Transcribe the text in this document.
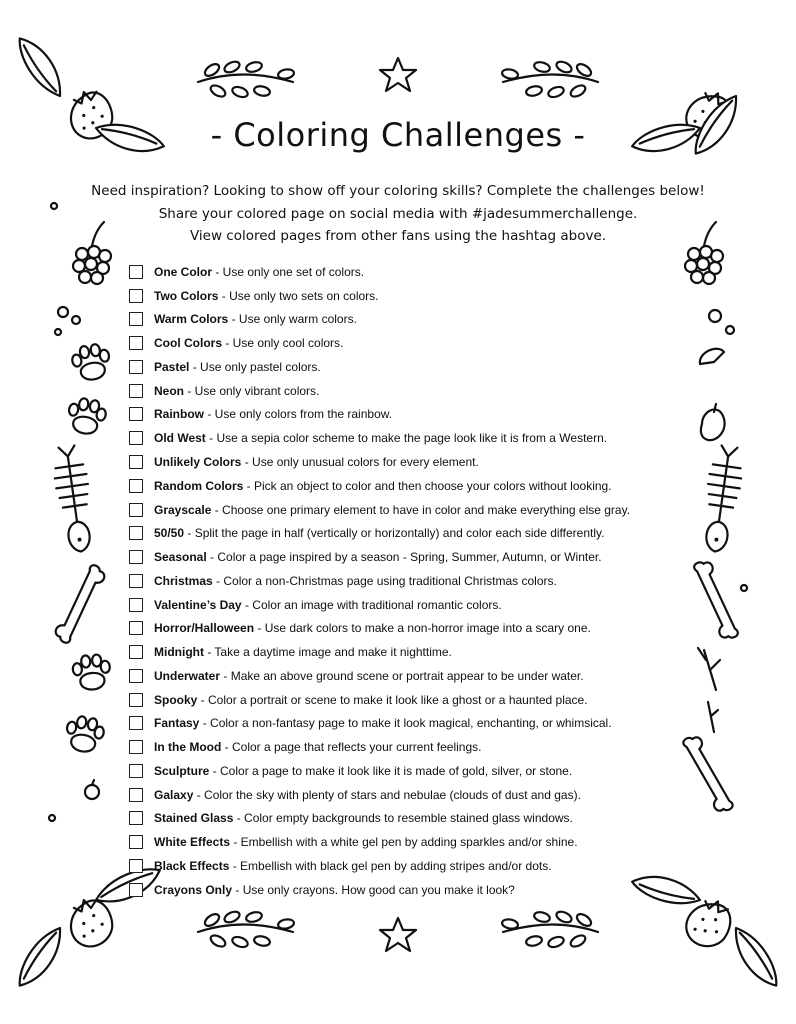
- Coloring Challenges -
Need inspiration? Looking to show off your coloring skills? Complete the challenges below!
Share your colored page on social media with #jadesummerchallenge.
View colored pages from other fans using the hashtag above.
One Color - Use only one set of colors.
Two Colors - Use only two sets on colors.
Warm Colors - Use only warm colors.
Cool Colors - Use only cool colors.
Pastel - Use only pastel colors.
Neon - Use only vibrant colors.
Rainbow - Use only colors from the rainbow.
Old West - Use a sepia color scheme to make the page look like it is from a Western.
Unlikely Colors - Use only unusual colors for every element.
Random Colors - Pick an object to color and then choose your colors without looking.
Grayscale - Choose one primary element to have in color and make everything else gray.
50/50 - Split the page in half (vertically or horizontally) and color each side differently.
Seasonal - Color a page inspired by a season - Spring, Summer, Autumn, or Winter.
Christmas - Color a non-Christmas page using traditional Christmas colors.
Valentine’s Day - Color an image with traditional romantic colors.
Horror/Halloween - Use dark colors to make a non-horror image into a scary one.
Midnight - Take a daytime image and make it nighttime.
Underwater - Make an above ground scene or portrait appear to be under water.
Spooky - Color a portrait or scene to make it look like a ghost or a haunted place.
Fantasy - Color a non-fantasy page to make it look magical, enchanting, or whimsical.
In the Mood - Color a page that reflects your current feelings.
Sculpture - Color a page to make it look like it is made of gold, silver, or stone.
Galaxy - Color the sky with plenty of stars and nebulae (clouds of dust and gas).
Stained Glass - Color empty backgrounds to resemble stained glass windows.
White Effects - Embellish with a white gel pen by adding sparkles and/or shine.
Black Effects - Embellish with black gel pen by adding stripes and/or dots.
Crayons Only - Use only crayons. How good can you make it look?
